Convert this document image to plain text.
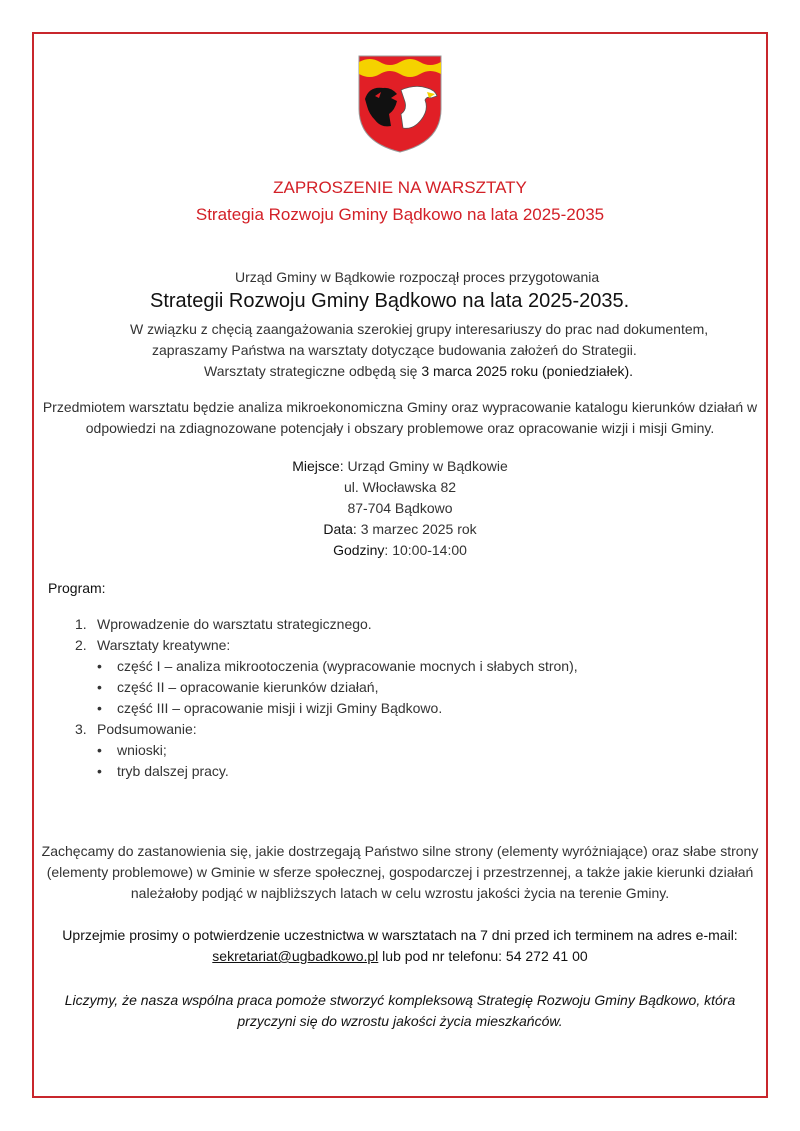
ZAPROSZENIE NA WARSZTATY
Strategia Rozwoju Gminy Bądkowo na lata 2025-2035
Urząd Gminy w Bądkowie rozpoczął proces przygotowania
Strategii Rozwoju Gminy Bądkowo na lata 2025-2035.
W związku z chęcią zaangażowania szerokiej grupy interesariuszy do prac nad dokumentem,
zapraszamy Państwa na warsztaty dotyczące budowania założeń do Strategii.
Warsztaty strategiczne odbędą się 3 marca 2025 roku (poniedziałek).
Przedmiotem warsztatu będzie analiza mikroekonomiczna Gminy oraz wypracowanie katalogu kierunków działań w odpowiedzi na zdiagnozowane potencjały i obszary problemowe oraz opracowanie wizji i misji Gminy.
Miejsce: Urząd Gminy w Bądkowie
ul. Włocławska 82
87-704 Bądkowo
Data: 3 marzec 2025 rok
Godziny: 10:00-14:00
Program:
1. Wprowadzenie do warsztatu strategicznego.
2. Warsztaty kreatywne:
• część I – analiza mikrootoczenia (wypracowanie mocnych i słabych stron),
• część II – opracowanie kierunków działań,
• część III – opracowanie misji i wizji Gminy Bądkowo.
3. Podsumowanie:
• wnioski;
• tryb dalszej pracy.
Zachęcamy do zastanowienia się, jakie dostrzegają Państwo silne strony (elementy wyróżniające) oraz słabe strony (elementy problemowe) w Gminie w sferze społecznej, gospodarczej i przestrzennej, a także jakie kierunki działań należałoby podjąć w najbliższych latach w celu wzrostu jakości życia na terenie Gminy.
Uprzejmie prosimy o potwierdzenie uczestnictwa w warsztatach na 7 dni przed ich terminem na adres e-mail:
sekretariat@ugbadkowo.pl lub pod nr telefonu: 54 272 41 00
Liczymy, że nasza wspólna praca pomoże stworzyć kompleksową Strategię Rozwoju Gminy Bądkowo, która przyczyni się do wzrostu jakości życia mieszkańców.
